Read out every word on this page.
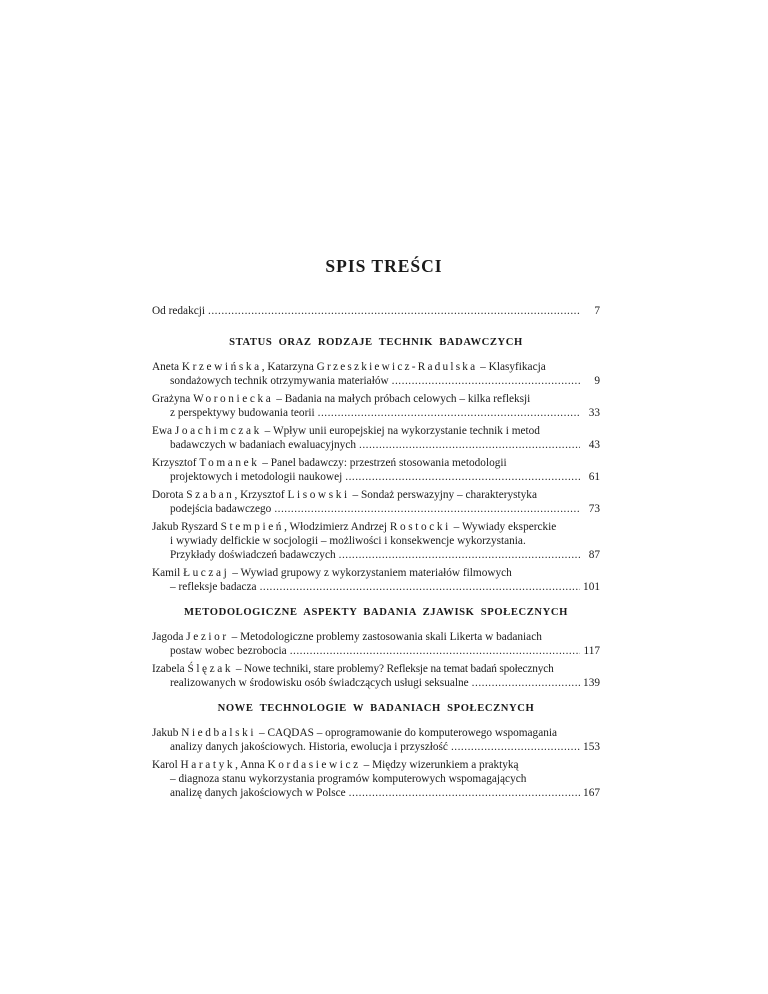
SPIS TREŚCI
Od redakcji .....	7
STATUS ORAZ RODZAJE TECHNIK BADAWCZYCH
Aneta Krzewińska, Katarzyna Grzeszkiewicz-Radulska – Klasyfikacja
sondażowych technik otrzymywania materiałów .....	9
Grażyna Woroniecka – Badania na małych próbach celowych – kilka refleksji
z perspektywy budowania teorii .....	33
Ewa Joachimczak – Wpływ unii europejskiej na wykorzystanie technik i metod
badawczych w badaniach ewaluacyjnych .....	43
Krzysztof Tomanek – Panel badawczy: przestrzeń stosowania metodologii
projektowych i metodologii naukowej .....	61
Dorota Szaban, Krzysztof Lisowski – Sondaż perswazyjny – charakterystyka
podejścia badawczego .....	73
Jakub Ryszard Stempień, Włodzimierz Andrzej Rostocki – Wywiady eksperckie
i wywiady delfickie w socjologii – możliwości i konsekwencje wykorzystania.
Przykłady doświadczeń badawczych .....	87
Kamil Łuczaj – Wywiad grupowy z wykorzystaniem materiałów filmowych
– refleksje badacza .....	101
METODOLOGICZNE ASPEKTY BADANIA ZJAWISK SPOŁECZNYCH
Jagoda Jezior – Metodologiczne problemy zastosowania skali Likerta w badaniach
postaw wobec bezrobocia .....	117
Izabela Ślęzak – Nowe techniki, stare problemy? Refleksje na temat badań społecznych
realizowanych w środowisku osób świadczących usługi seksualne .....	139
NOWE TECHNOLOGIE W BADANIACH SPOŁECZNYCH
Jakub Niedbalski – CAQDAS – oprogramowanie do komputerowego wspomagania
analizy danych jakościowych. Historia, ewolucja i przyszłość .....	153
Karol Haratyk, Anna Kordasiewicz – Między wizerunkiem a praktyką
– diagnoza stanu wykorzystania programów komputerowych wspomagających
analizę danych jakościowych w Polsce .....	167
